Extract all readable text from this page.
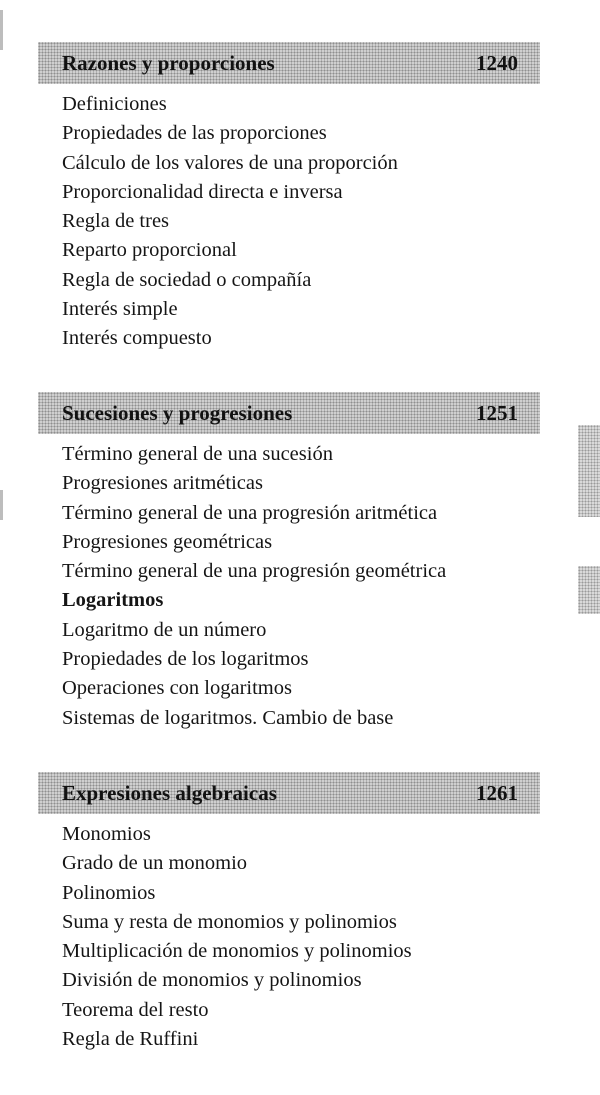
Razones y proporciones	1240
Definiciones
Propiedades de las proporciones
Cálculo de los valores de una proporción
Proporcionalidad directa e inversa
Regla de tres
Reparto proporcional
Regla de sociedad o compañía
Interés simple
Interés compuesto
Sucesiones y progresiones	1251
Término general de una sucesión
Progresiones aritméticas
Término general de una progresión aritmética
Progresiones geométricas
Término general de una progresión geométrica
Logaritmos
Logaritmo de un número
Propiedades de los logaritmos
Operaciones con logaritmos
Sistemas de logaritmos. Cambio de base
Expresiones algebraicas	1261
Monomios
Grado de un monomio
Polinomios
Suma y resta de monomios y polinomios
Multiplicación de monomios y polinomios
División de monomios y polinomios
Teorema del resto
Regla de Ruffini
